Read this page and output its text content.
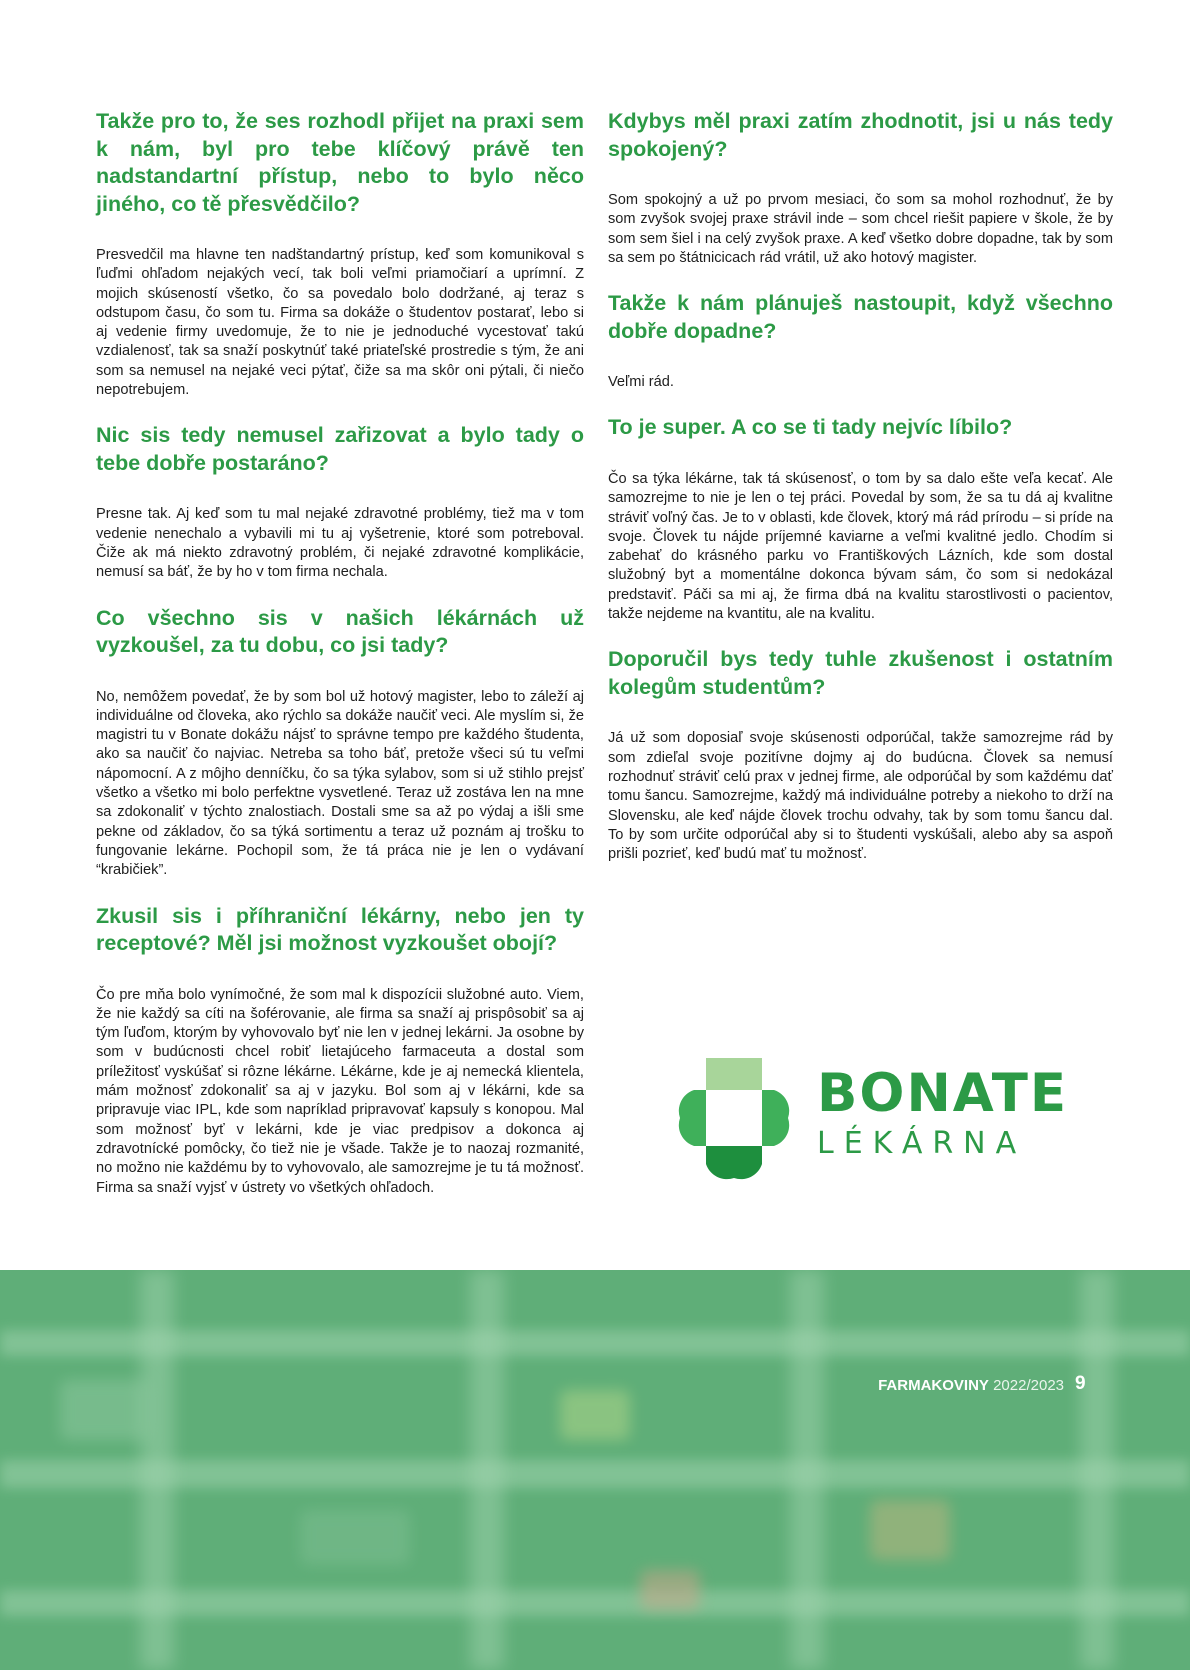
Takže pro to, že ses rozhodl přijet na praxi sem k nám, byl pro tebe klíčový právě ten nadstandartní přístup, nebo to bylo něco jiného, co tě přesvědčilo?

Presvedčil ma hlavne ten nadštandartný prístup, keď som komunikoval s ľuďmi ohľadom nejakých vecí, tak boli veľmi priamočiarí a uprímní. Z mojich skúseností všetko, čo sa povedalo bolo dodržané, aj teraz s odstupom času, čo som tu. Firma sa dokáže o študentov postarať, lebo si aj vedenie firmy uvedomuje, že to nie je jednoduché vycestovať takú vzdialenosť, tak sa snaží poskytnúť také priateľské prostredie s tým, že ani som sa nemusel na nejaké veci pýtať, čiže sa ma skôr oni pýtali, či niečo nepotrebujem.

Nic sis tedy nemusel zařizovat a bylo tady o tebe dobře postaráno?

Presne tak. Aj keď som tu mal nejaké zdravotné problémy, tiež ma v tom vedenie nenechalo a vybavili mi tu aj vyšetrenie, ktoré som potreboval. Čiže ak má niekto zdravotný problém, či nejaké zdravotné komplikácie, nemusí sa báť, že by ho v tom firma nechala.

Co všechno sis v našich lékárnách už vyzkoušel, za tu dobu, co jsi tady?

No, nemôžem povedať, že by som bol už hotový magister, lebo to záleží aj individuálne od človeka, ako rýchlo sa dokáže naučiť veci. Ale myslím si, že magistri tu v Bonate dokážu nájsť to správne tempo pre každého študenta, ako sa naučiť čo najviac. Netreba sa toho báť, pretože všeci sú tu veľmi nápomocní. A z môjho denníčku, čo sa týka sylabov, som si už stihlo prejsť všetko a všetko mi bolo perfektne vysvetlené. Teraz už zostáva len na mne sa zdokonaliť v týchto znalostiach. Dostali sme sa až po výdaj a išli sme pekne od základov, čo sa týká sortimentu a teraz už poznám aj trošku to fungovanie lekárne. Pochopil som, že tá práca nie je len o vydávaní “krabičiek”.

Zkusil sis i příhraniční lékárny, nebo jen ty receptové? Měl jsi možnost vyzkoušet obojí?

Čo pre mňa bolo vynímočné, že som mal k dispozícii služobné auto. Viem, že nie každý sa cíti na šoférovanie, ale firma sa snaží aj prispôsobiť sa aj tým ľuďom, ktorým by vyhovovalo byť nie len v jednej lekárni. Ja osobne by som v budúcnosti chcel robiť lietajúceho farmaceuta a dostal som príležitosť vyskúšať si rôzne lékárne. Lékárne, kde je aj nemecká klientela, mám možnosť zdokonaliť sa aj v jazyku. Bol som aj v lékárni, kde sa pripravuje viac IPL, kde som napríklad pripravovať kapsuly s konopou. Mal som možnosť byť v lekárni, kde je viac predpisov a dokonca aj zdravotnícké pomôcky, čo tiež nie je všade. Takže je to naozaj rozmanité, no možno nie každému by to vyhovovalo, ale samozrejme je tu tá možnosť. Firma sa snaží vyjsť v ústrety vo všetkých ohľadoch.

Kdybys měl praxi zatím zhodnotit, jsi u nás tedy spokojený?

Som spokojný a už po prvom mesiaci, čo som sa mohol rozhodnuť, že by som zvyšok svojej praxe strávil inde – som chcel riešit papiere v škole, že by som sem šiel i na celý zvyšok praxe. A keď všetko dobre dopadne, tak by som sa sem po štátnicicach rád vrátil, už ako hotový magister.

Takže k nám plánuješ nastoupit, když všechno dobře dopadne?

Veľmi rád.

To je super. A co se ti tady nejvíc líbilo?

Čo sa týka lékárne, tak tá skúsenosť, o tom by sa dalo ešte veľa kecať. Ale samozrejme to nie je len o tej práci. Povedal by som, že sa tu dá aj kvalitne stráviť voľný čas. Je to v oblasti, kde človek, ktorý má rád prírodu – si príde na svoje. Človek tu nájde príjemné kaviarne a veľmi kvalitné jedlo. Chodím si zabehať do krásného parku vo Františkových Lázních, kde som dostal služobný byt a momentálne dokonca bývam sám, čo som si nedokázal predstaviť. Páči sa mi aj, že firma dbá na kvalitu starostlivosti o pacientov, takže nejdeme na kvantitu, ale na kvalitu.

Doporučil bys tedy tuhle zkušenost i ostatním kolegům studentům?

Já už som doposiaľ svoje skúsenosti odporúčal, takže samozrejme rád by som zdieľal svoje pozitívne dojmy aj do budúcna. Človek sa nemusí rozhodnuť stráviť celú prax v jednej firme, ale odporúčal by som každému dať tomu šancu. Samozrejme, každý má individuálne potreby a niekoho to drží na Slovensku, ale keď nájde človek trochu odvahy, tak by som tomu šancu dal. To by som určite odporúčal aby si to študenti vyskúšali, alebo aby sa aspoň prišli pozrieť, keď budú mať tu možnosť.

BONATE
LÉKÁRNA
FARMAKOVINY 2022/2023 9
